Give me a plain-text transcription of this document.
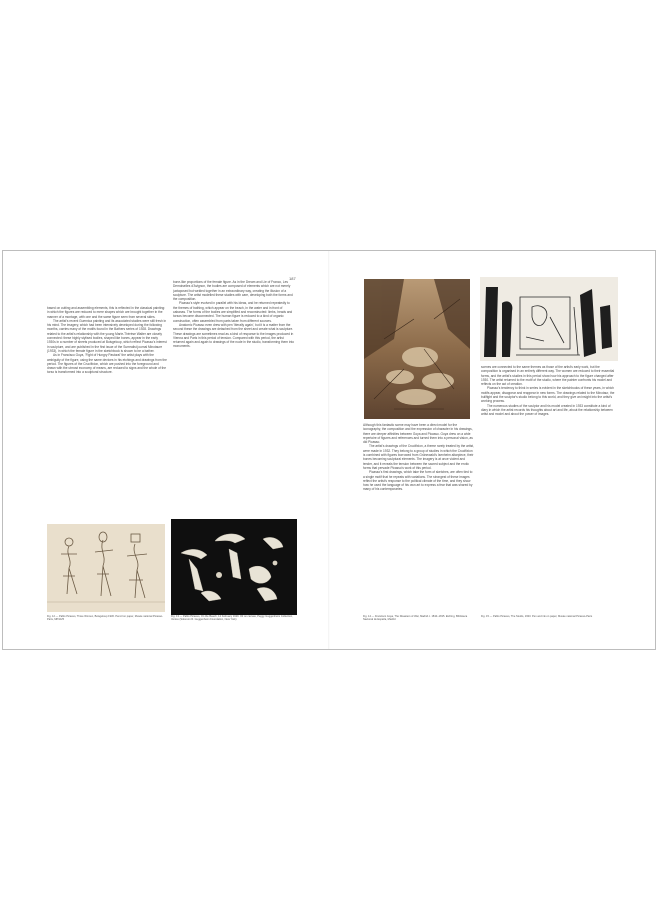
187

based on cutting and assembling elements, this is reflected in the classical painting: in which the figures are reduced to mere shapes which are brought together in the manner of a montage, with one and the same figure seen from several sides.

The artist's recent Guernica painting and its associated studies were still fresh in his mind. The imagery, which had been intensively developed during the following months, carries many of the motifs found in the Bathers series of 1928. Drawings related to the artist's relationship with the young Marie-Thérèse Walter are closely connected: these highly stylised bodies, shaped like bones, appear in the early 1930s in a number of sheets produced at Boisgeloup, which reflect Picasso's interest in sculpture, and are published in the first issue of the Surrealist journal Minotaure (1933), in which the female figure in the sketchbook is shown to be a bather.

As in Francisco Goya, 'Fight of Hungry Pastoral' the artist plays with the ambiguity of the figure, using the same devices in his etchings and drawings from the period. The figures of the Crucifixion, which are pushed into the foreground and drawn with the utmost economy of means, are reduced to signs and the whole of the torso is transformed into a sculptural structure.

bone-like proportions of the female figure. As in the Dream and Lie of Franco, Les Demoiselles d'Avignon, the bodies are composed of elements which are not merely juxtaposed but welded together in an extraordinary way, creating the illusion of a sculpture. The artist modelled these studies with care, developing both the forms and the composition.

Picasso's style evolved in parallel with his ideas, and he returned repeatedly to the themes of bathing, which appear on the beach, in the water and in front of cabanas. The forms of the bodies are simplified and reconstructed: limbs, heads and torsos become disconnected. The human figure is reduced to a kind of organic construction, often assembled from parts taken from different sources.

Anatomic Picasso even drew with pen 'literally again', but it is a matter from the second these the drawings are detached from the sheet and create what is sculpture. These drawings are sometimes read as a kind of response to the images produced in Vienna and Paris in this period of tension. Compared with this period, the artist returned again and again to drawings of the nude in the studio, transforming them into monuments.

Fig. 12 — Pablo Picasso, Three Women, Boisgeloup 1930. Pencil on paper, Musée national Picasso-Paris, MP1025
Fig. 13 — Pablo Picasso, On the Beach, 12 February 1929. Oil on canvas, Peggy Guggenheim Collection, Venice (Solomon R. Guggenheim Foundation, New York)

Although this fantastic scene may have been a direct model for the iconography, the composition and the expression of character in his drawings, there are deeper affinities between Goya and Picasso. Goya drew on a wide repertoire of figures and references and turned them into a personal vision, as did Picasso.

The artist's drawings of the Crucifixion, a theme rarely treated by the artist, were made in 1932. They belong to a group of studies in which the Crucifixion is combined with figures borrowed from Grünewald's Isenheim altarpiece, their bones becoming sculptural elements. The imagery is at once violent and tender, and it reveals the tension between the sacred subject and the erotic forms that pervade Picasso's work of this period.

Picasso's first drawings, which take the form of sketches, are often tied to a single motif that he repeats with variations. The strongest of these images reflect the artist's response to the political climate of the time, and they show how he used the language of his own art to express a fear that was shared by many of his contemporaries.

scenes are connected to the same themes as those of the artist's early work, but the composition is organised in an entirely different way. The women are reduced to their essential forms, and the artist's studies in this period show how his approach to the figure changed after 1930. The artist returned to the motif of the studio, where the painter confronts his model and reflects on the act of creation.

Picasso's tendency to think in series is evident in the sketchbooks of these years, in which motifs appear, disappear and reappear in new forms. The drawings related to the Minotaur, the bullfight and the sculptor's studio belong to this world, and they give an insight into the artist's working process.

The numerous studies of the sculptor and his model created in 1933 constitute a kind of diary in which the artist records his thoughts about art and life, about the relationship between artist and model and about the power of images.

Fig. 14 — Francisco Goya, The Disasters of War, Madrid c. 1810–1815. Etching, Biblioteca Nacional de España, Madrid
Fig. 15 — Pablo Picasso, The Studio, 1933. Pen and ink on paper, Musée national Picasso-Paris
